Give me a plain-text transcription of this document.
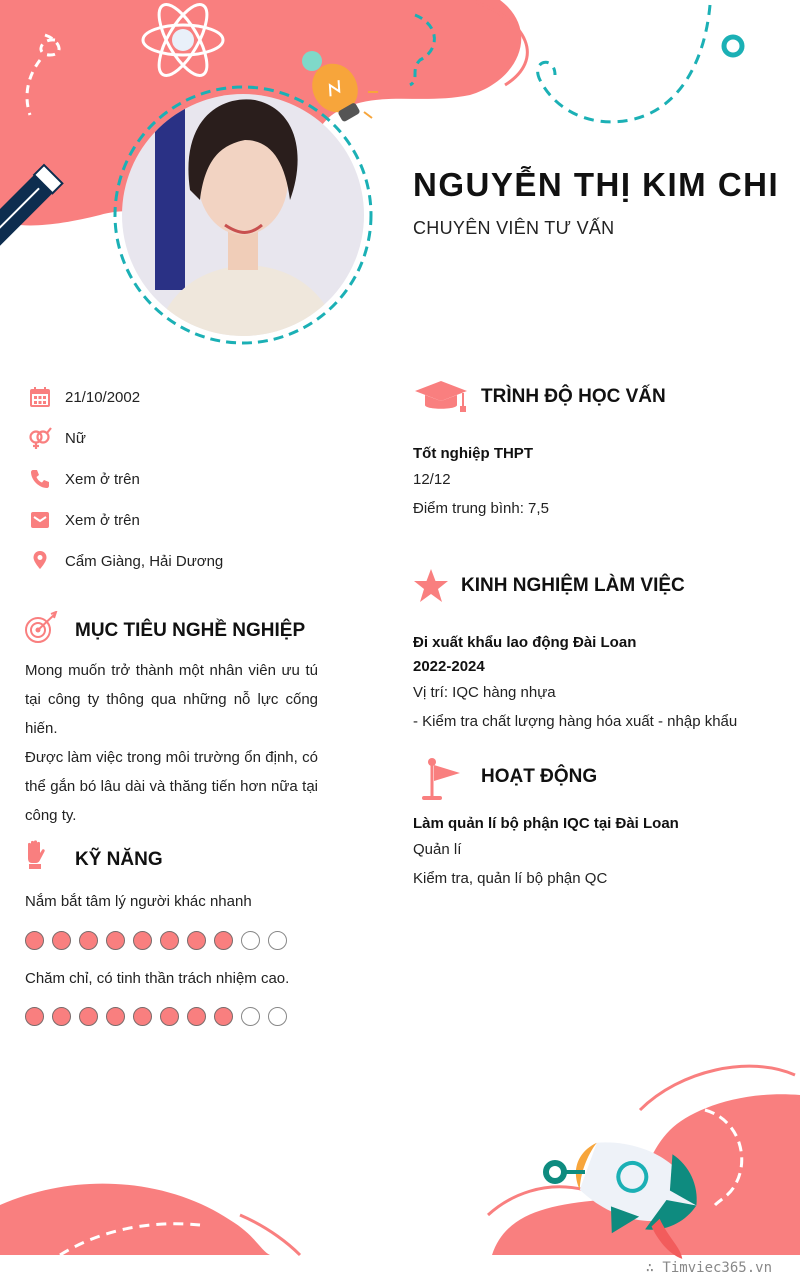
NGUYỄN THỊ KIM CHI
CHUYÊN VIÊN TƯ VẤN
21/10/2002
Nữ
Xem ở trên
Xem ở trên
Cẩm Giàng, Hải Dương
MỤC TIÊU NGHỀ NGHIỆP
Mong muốn trở thành một nhân viên ưu tú
tại công ty thông qua những nỗ lực cống
hiến.
Được làm việc trong môi trường ổn định, có
thể gắn bó lâu dài và thăng tiến hơn nữa tại
công ty.
KỸ NĂNG
Nắm bắt tâm lý người khác nhanh
Chăm chỉ, có tinh thần trách nhiệm cao.
TRÌNH ĐỘ HỌC VẤN
Tốt nghiệp THPT
12/12
Điểm trung bình: 7,5
KINH NGHIỆM LÀM VIỆC
Đi xuất khẩu lao động Đài Loan
2022-2024
Vị trí: IQC hàng nhựa
- Kiểm tra chất lượng hàng hóa xuất - nhập khẩu
HOẠT ĐỘNG
Làm quản lí bộ phận IQC tại Đài Loan
Quản lí
Kiểm tra, quản lí bộ phận QC
∴ Timviec365.vn
